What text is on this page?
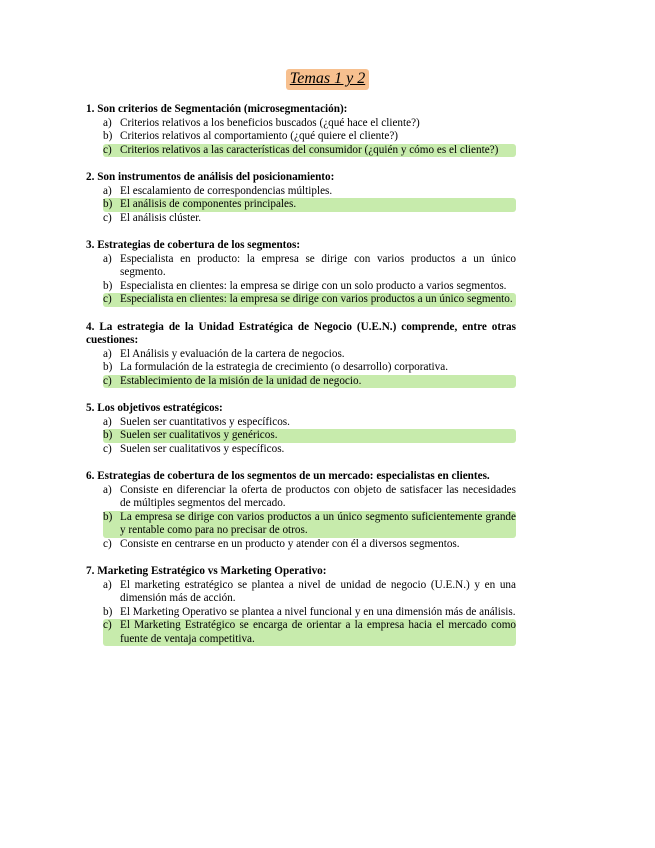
Temas 1 y 2
1. Son criterios de Segmentación (microsegmentación):
a) Criterios relativos a los beneficios buscados (¿qué hace el cliente?)
b) Criterios relativos al comportamiento (¿qué quiere el cliente?)
c) Criterios relativos a las características del consumidor (¿quién y cómo es el cliente?)
2. Son instrumentos de análisis del posicionamiento:
a) El escalamiento de correspondencias múltiples.
b) El análisis de componentes principales.
c) El análisis clúster.
3. Estrategias de cobertura de los segmentos:
a) Especialista en producto: la empresa se dirige con varios productos a un único segmento.
b) Especialista en clientes: la empresa se dirige con un solo producto a varios segmentos.
c) Especialista en clientes: la empresa se dirige con varios productos a un único segmento.
4. La estrategia de la Unidad Estratégica de Negocio (U.E.N.) comprende, entre otras cuestiones:
a) El Análisis y evaluación de la cartera de negocios.
b) La formulación de la estrategia de crecimiento (o desarrollo) corporativa.
c) Establecimiento de la misión de la unidad de negocio.
5. Los objetivos estratégicos:
a) Suelen ser cuantitativos y específicos.
b) Suelen ser cualitativos y genéricos.
c) Suelen ser cualitativos y específicos.
6. Estrategias de cobertura de los segmentos de un mercado: especialistas en clientes.
a) Consiste en diferenciar la oferta de productos con objeto de satisfacer las necesidades de múltiples segmentos del mercado.
b) La empresa se dirige con varios productos a un único segmento suficientemente grande y rentable como para no precisar de otros.
c) Consiste en centrarse en un producto y atender con él a diversos segmentos.
7. Marketing Estratégico vs Marketing Operativo:
a) El marketing estratégico se plantea a nivel de unidad de negocio (U.E.N.) y en una dimensión más de acción.
b) El Marketing Operativo se plantea a nivel funcional y en una dimensión más de análisis.
c) El Marketing Estratégico se encarga de orientar a la empresa hacia el mercado como fuente de ventaja competitiva.
